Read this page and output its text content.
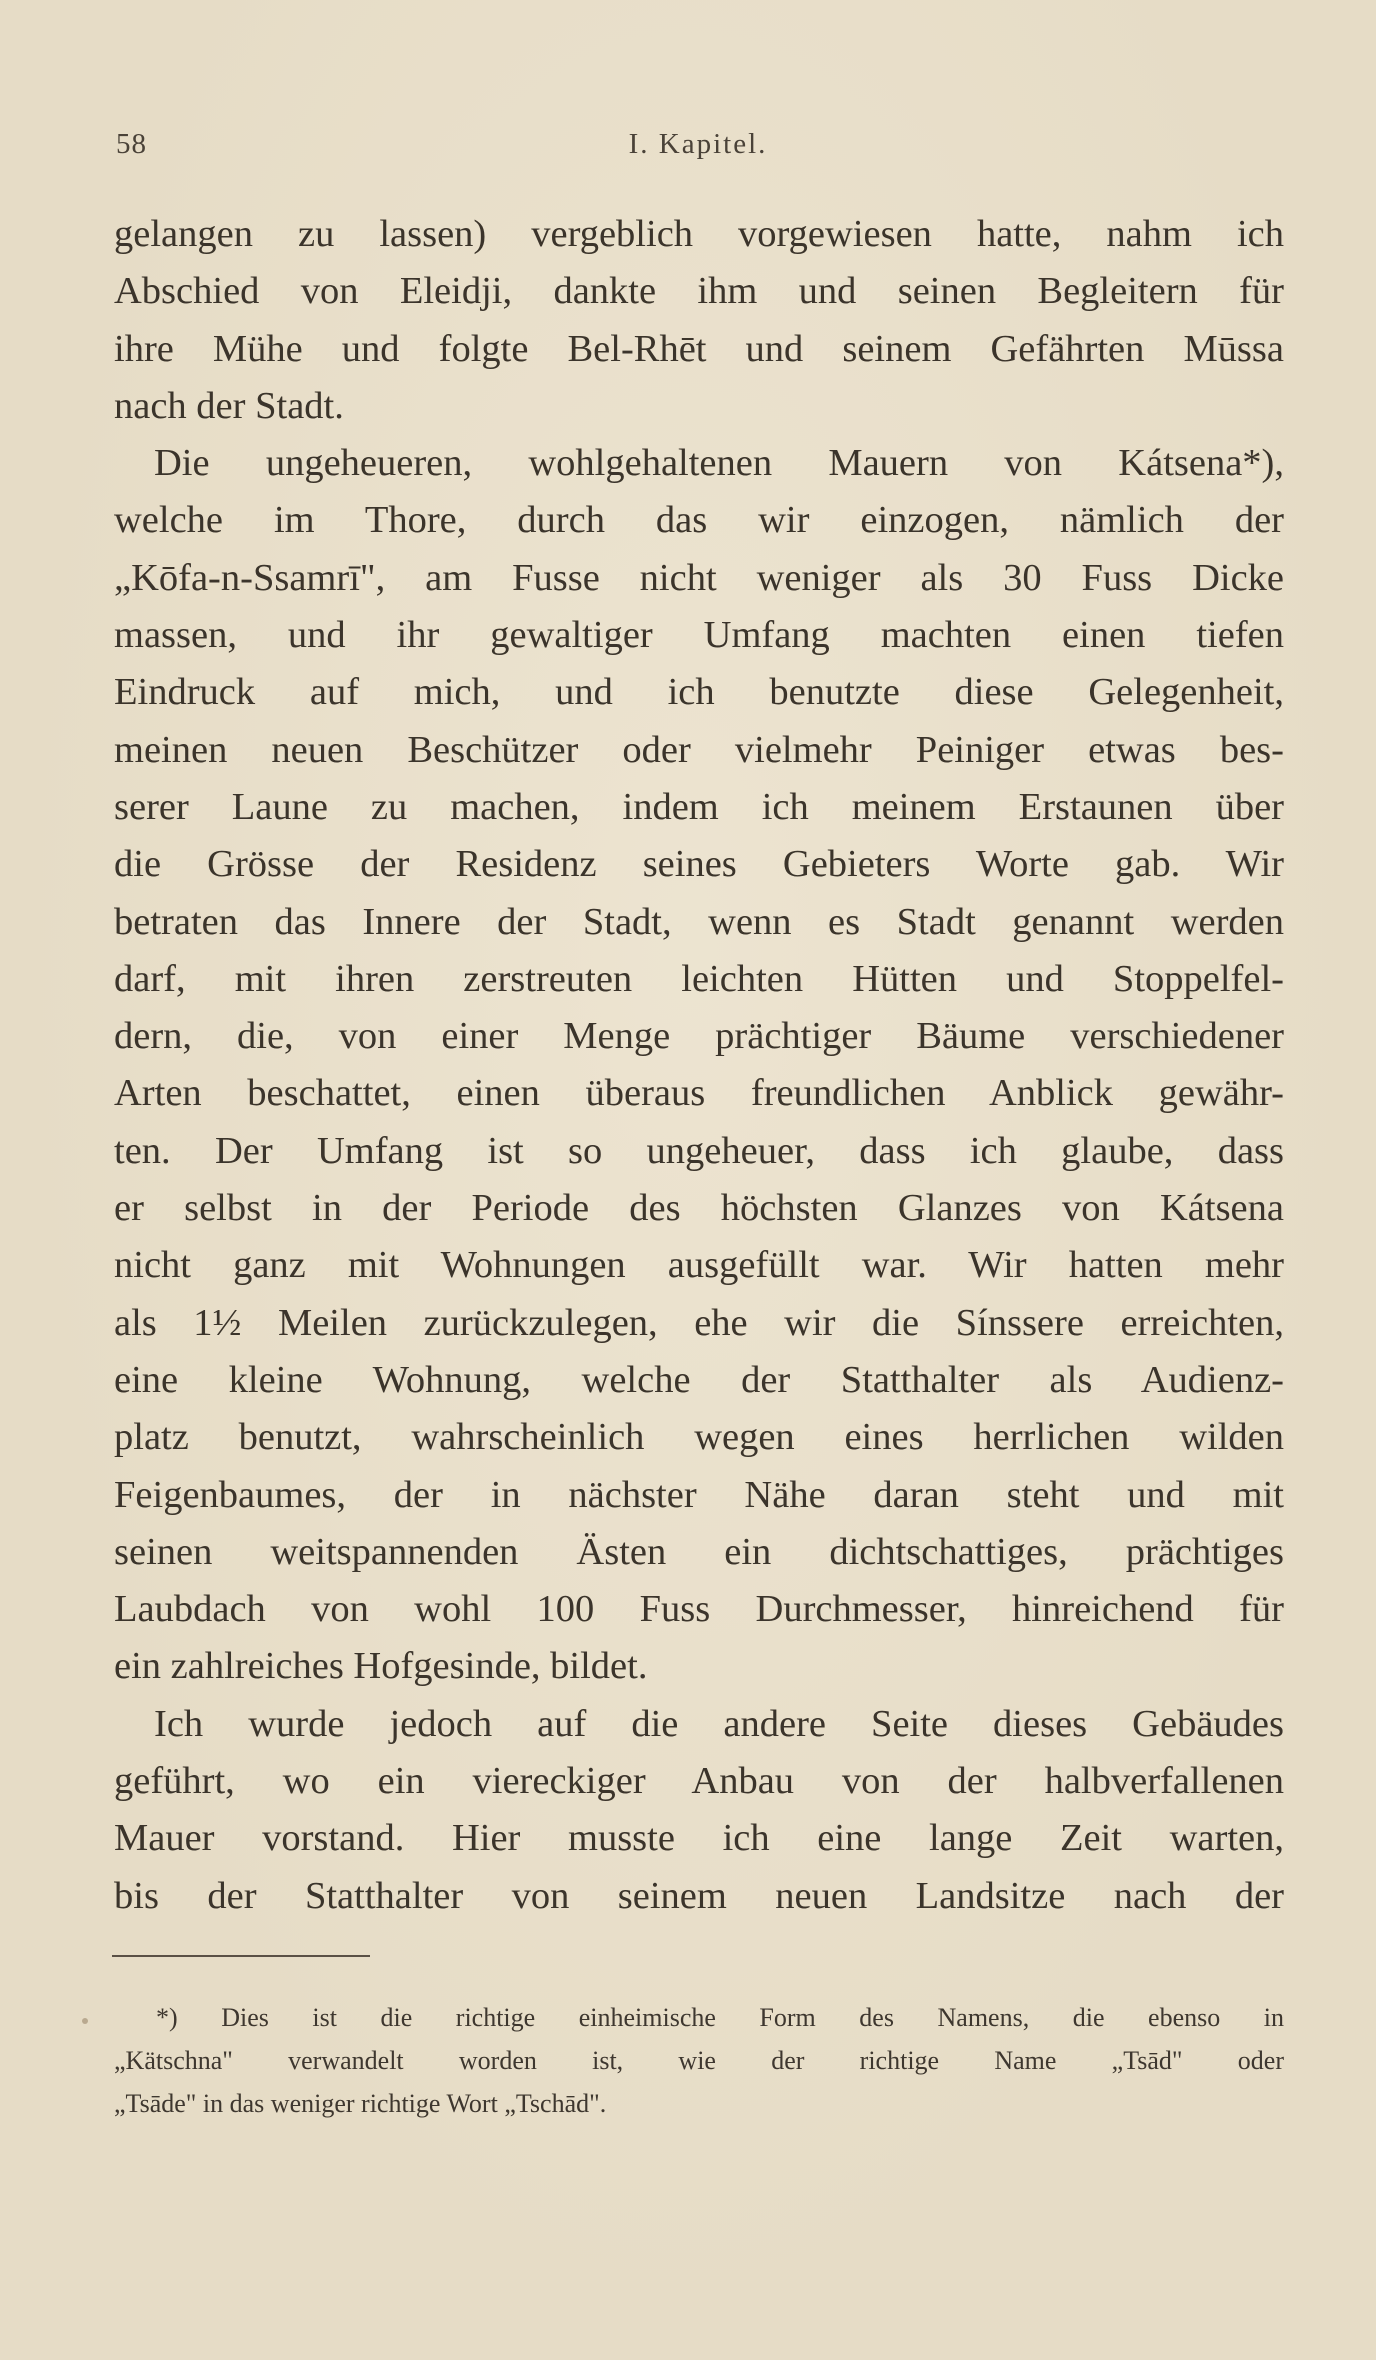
58	I. Kapitel.
gelangen zu lassen) vergeblich vorgewiesen hatte, nahm ich
Abschied von Eleidji, dankte ihm und seinen Begleitern für
ihre Mühe und folgte Bel-Rhēt und seinem Gefährten Mūssa
nach der Stadt.
Die ungeheueren, wohlgehaltenen Mauern von Kátsena*),
welche im Thore, durch das wir einzogen, nämlich der
„Kōfa-n-Ssamrī", am Fusse nicht weniger als 30 Fuss Dicke
massen, und ihr gewaltiger Umfang machten einen tiefen
Eindruck auf mich, und ich benutzte diese Gelegenheit,
meinen neuen Beschützer oder vielmehr Peiniger etwas bes-
serer Laune zu machen, indem ich meinem Erstaunen über
die Grösse der Residenz seines Gebieters Worte gab. Wir
betraten das Innere der Stadt, wenn es Stadt genannt werden
darf, mit ihren zerstreuten leichten Hütten und Stoppelfel-
dern, die, von einer Menge prächtiger Bäume verschiedener
Arten beschattet, einen überaus freundlichen Anblick gewähr-
ten. Der Umfang ist so ungeheuer, dass ich glaube, dass
er selbst in der Periode des höchsten Glanzes von Kátsena
nicht ganz mit Wohnungen ausgefüllt war. Wir hatten mehr
als 1½ Meilen zurückzulegen, ehe wir die Sínssere erreichten,
eine kleine Wohnung, welche der Statthalter als Audienz-
platz benutzt, wahrscheinlich wegen eines herrlichen wilden
Feigenbaumes, der in nächster Nähe daran steht und mit
seinen weitspannenden Ästen ein dichtschattiges, prächtiges
Laubdach von wohl 100 Fuss Durchmesser, hinreichend für
ein zahlreiches Hofgesinde, bildet.
Ich wurde jedoch auf die andere Seite dieses Gebäudes
geführt, wo ein viereckiger Anbau von der halbverfallenen
Mauer vorstand. Hier musste ich eine lange Zeit warten,
bis der Statthalter von seinem neuen Landsitze nach der
*) Dies ist die richtige einheimische Form des Namens, die ebenso in
„Kätschna" verwandelt worden ist, wie der richtige Name „Tsād" oder
„Tsāde" in das weniger richtige Wort „Tschād".
